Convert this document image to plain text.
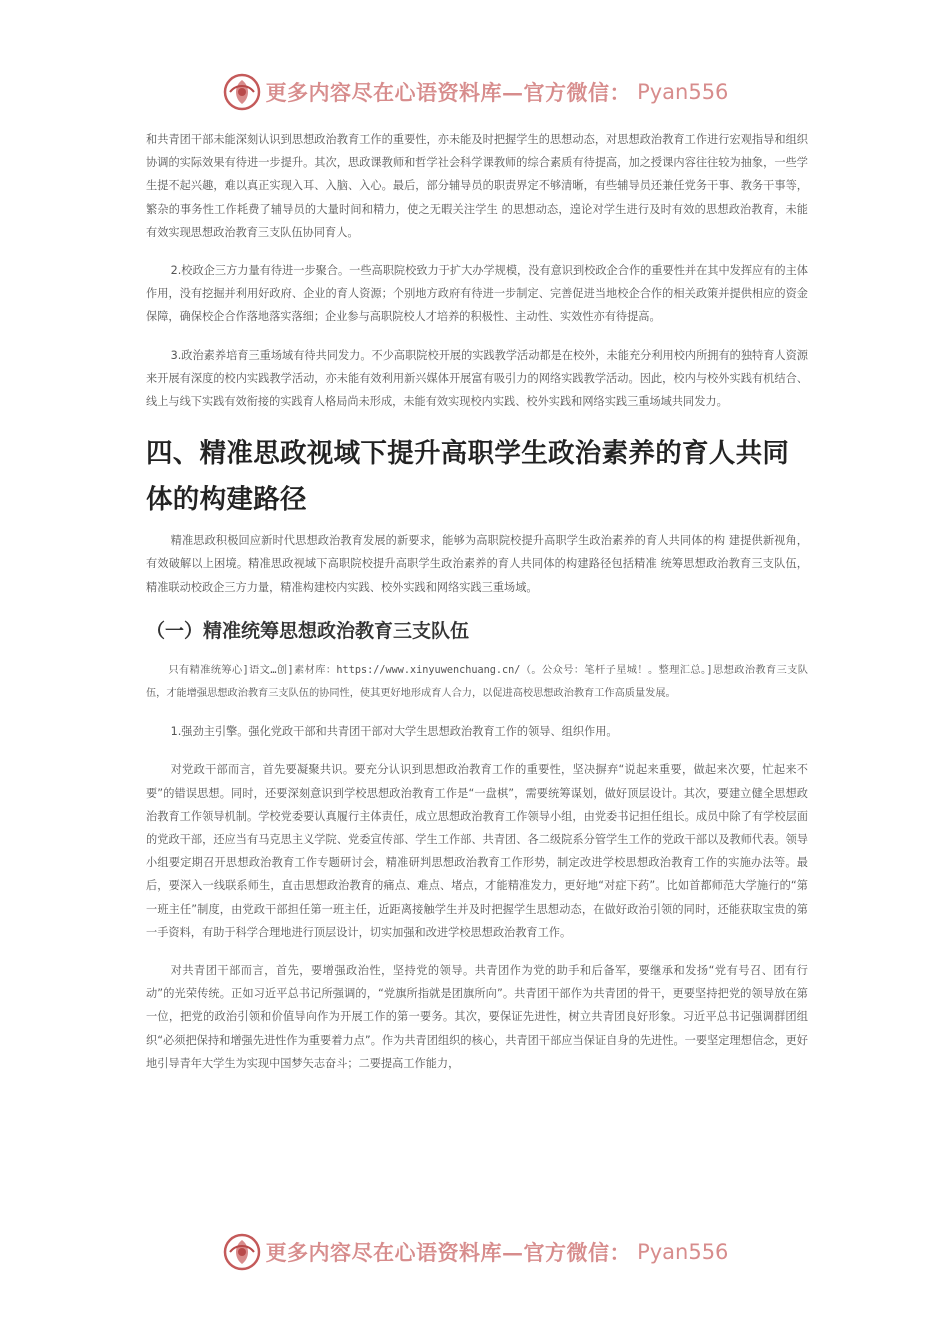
更多内容尽在心语资料库—官方微信： Pyan556

和共青团干部未能深刻认识到思想政治教育工作的重要性，亦未能及时把握学生的思想动态，对思想政治教育工作进行宏观指导和组织协调的实际效果有待进一步提升。其次，思政课教师和哲学社会科学课教师的综合素质有待提高，加之授课内容往往较为抽象，一些学生提不起兴趣，难以真正实现入耳、入脑、入心。最后，部分辅导员的职责界定不够清晰，有些辅导员还兼任党务干事、教务干事等，繁杂的事务性工作耗费了辅导员的大量时间和精力，使之无暇关注学生 的思想动态，遑论对学生进行及时有效的思想政治教育，未能有效实现思想政治教育三支队伍协同育人。

2.校政企三方力量有待进一步聚合。一些高职院校致力于扩大办学规模，没有意识到校政企合作的重要性并在其中发挥应有的主体作用，没有挖掘并利用好政府、企业的育人资源；个别地方政府有待进一步制定、完善促进当地校企合作的相关政策并提供相应的资金保障，确保校企合作落地落实落细；企业参与高职院校人才培养的积极性、主动性、实效性亦有待提高。

3.政治素养培育三重场域有待共同发力。不少高职院校开展的实践教学活动都是在校外，未能充分利用校内所拥有的独特育人资源来开展有深度的校内实践教学活动，亦未能有效利用新兴媒体开展富有吸引力的网络实践教学活动。因此，校内与校外实践有机结合、线上与线下实践有效衔接的实践育人格局尚未形成，未能有效实现校内实践、校外实践和网络实践三重场域共同发力。

四、精准思政视域下提升高职学生政治素养的育人共同体的构建路径

精准思政积极回应新时代思想政治教育发展的新要求，能够为高职院校提升高职学生政治素养的育人共同体的构 建提供新视角，有效破解以上困境。精准思政视域下高职院校提升高职学生政治素养的育人共同体的构建路径包括精准 统筹思想政治教育三支队伍，精准联动校政企三方力量，精准构建校内实践、校外实践和网络实践三重场域。

（一）精准统筹思想政治教育三支队伍

只有精准统筹心]语文…创]素材库：https://www.xinyuwenchuang.cn/（。公众号：笔杆子星城！。整理汇总。]思想政治教育三支队伍，才能增强思想政治教育三支队伍的协同性，使其更好地形成育人合力，以促进高校思想政治教育工作高质量发展。

1.强劲主引擎。强化党政干部和共青团干部对大学生思想政治教育工作的领导、组织作用。

对党政干部而言，首先要凝聚共识。要充分认识到思想政治教育工作的重要性，坚决摒弃“说起来重要，做起来次要，忙起来不要”的错误思想。同时，还要深刻意识到学校思想政治教育工作是“一盘棋”，需要统筹谋划，做好顶层设计。其次，要建立健全思想政治教育工作领导机制。学校党委要认真履行主体责任，成立思想政治教育工作领导小组，由党委书记担任组长。成员中除了有学校层面的党政干部，还应当有马克思主义学院、党委宣传部、学生工作部、共青团、各二级院系分管学生工作的党政干部以及教师代表。领导小组要定期召开思想政治教育工作专题研讨会，精准研判思想政治教育工作形势，制定改进学校思想政治教育工作的实施办法等。最后，要深入一线联系师生，直击思想政治教育的痛点、难点、堵点，才能精准发力，更好地“对症下药”。比如首都师范大学施行的“第一班主任”制度，由党政干部担任第一班主任，近距离接触学生并及时把握学生思想动态，在做好政治引领的同时，还能获取宝贵的第一手资料，有助于科学合理地进行顶层设计，切实加强和改进学校思想政治教育工作。

对共青团干部而言，首先，要增强政治性，坚持党的领导。共青团作为党的助手和后备军，要继承和发扬“党有号召、团有行动”的光荣传统。正如习近平总书记所强调的，“党旗所指就是团旗所向”。共青团干部作为共青团的骨干，更要坚持把党的领导放在第一位，把党的政治引领和价值导向作为开展工作的第一要务。其次，要保证先进性，树立共青团良好形象。习近平总书记强调群团组织“必须把保持和增强先进性作为重要着力点”。作为共青团组织的核心，共青团干部应当保证自身的先进性。一要坚定理想信念，更好地引导青年大学生为实现中国梦矢志奋斗；二要提高工作能力，

更多内容尽在心语资料库—官方微信： Pyan556
